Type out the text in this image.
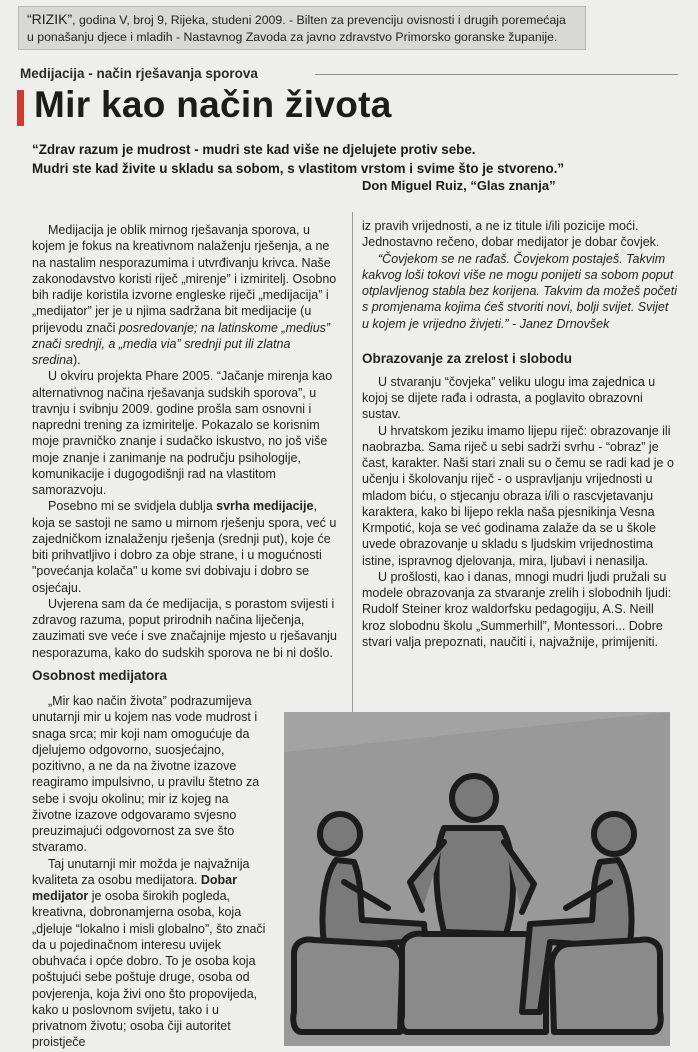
“RIZIK”, godina V, broj 9, Rijeka, studeni 2009. - Bilten za prevenciju ovisnosti i drugih poremećaja
u ponašanju djece i mladih - Nastavnog Zavoda za javno zdravstvo Primorsko goranske županije.
Medijacija - način rješavanja sporova
Mir kao način života
“Zdrav razum je mudrost - mudri ste kad više ne djelujete protiv sebe.
Mudri ste kad živite u skladu sa sobom, s vlastitom vrstom i svime što je stvoreno.”
Don Miguel Ruiz, “Glas znanja”

Medijacija je oblik mirnog rješavanja sporova, u kojem je fokus na kreativnom nalaženju rješenja, a ne na nastalim nesporazumima i utvrđivanju krivca. Naše zakonodavstvo koristi riječ „mirenje” i izmiritelj. Osobno bih radije koristila izvorne engleske riječi „medijacija” i „medijator” jer je u njima sadržana bit medijacije (u prijevodu znači posredovanje; na latinskome „medius” znači srednji, a „media via” srednji put ili zlatna sredina).

U okviru projekta Phare 2005. “Jačanje mirenja kao alternativnog načina rješavanja sudskih sporova”, u travnju i svibnju 2009. godine prošla sam osnovni i napredni trening za izmiritelje. Pokazalo se korisnim moje pravničko znanje i sudačko iskustvo, no još više moje znanje i zanimanje na području psihologije, komunikacije i dugogodišnji rad na vlastitom samorazvoju.

Posebno mi se svidjela dublja svrha medijacije, koja se sastoji ne samo u mirnom rješenju spora, već u zajedničkom iznalaženju rješenja (srednji put), koje će biti prihvatljivo i dobro za obje strane, i u mogućnosti "povećanja kolača" u kome svi dobivaju i dobro se osjećaju.

Uvjerena sam da će medijacija, s porastom svijesti i zdravog razuma, poput prirodnih načina liječenja, zauzimati sve veće i sve značajnije mjesto u rješavanju nesporazuma, kako do sudskih sporova ne bi ni došlo.

Osobnost medijatora

„Mir kao način života” podrazumijeva unutarnji mir u kojem nas vode mudrost i snaga srca; mir koji nam omogućuje da djelujemo odgovorno, suosjećajno, pozitivno, a ne da na životne izazove reagiramo impulsivno, u pravilu štetno za sebe i svoju okolinu; mir iz kojeg na životne izazove odgovaramo svjesno preuzimajući odgovornost za sve što stvaramo.

Taj unutarnji mir možda je najvažnija kvaliteta za osobu medijatora. Dobar medijator je osoba širokih pogleda, kreativna, dobronamjerna osoba, koja „djeluje “lokalno i misli globalno”, što znači da u pojedinačnom interesu uvijek obuhvaća i opće dobro. To je osoba koja poštujući sebe poštuje druge, osoba od povjerenja, koja živi ono što propovijeda, kako u poslovnom svijetu, tako i u privatnom životu; osoba čiji autoritet proistječe

iz pravih vrijednosti, a ne iz titule i/ili pozicije moći. Jednostavno rečeno, dobar medijator je dobar čovjek.

“Čovjekom se ne rađaš. Čovjekom postaješ. Takvim kakvog loši tokovi više ne mogu ponijeti sa sobom poput otplavljenog stabla bez korijena. Takvim da možeš početi s promjenama kojima ćeš stvoriti novi, bolji svijet. Svijet u kojem je vrijedno živjeti.” - Janez Drnovšek

Obrazovanje za zrelost i slobodu

U stvaranju “čovjeka” veliku ulogu ima zajednica u kojoj se dijete rađa i odrasta, a poglavito obrazovni sustav.

U hrvatskom jeziku imamo lijepu riječ: obrazovanje ili naobrazba. Sama riječ u sebi sadrži svrhu - “obraz” je čast, karakter. Naši stari znali su o čemu se radi kad je o učenju i školovanju riječ - o uspravljanju vrijednosti u mladom biću, o stjecanju obraza i/ili o rascvjetavanju karaktera, kako bi lijepo rekla naša pjesnikinja Vesna Krmpotić, koja se već godinama zalaže da se u škole uvede obrazovanje u skladu s ljudskim vrijednostima istine, ispravnog djelovanja, mira, ljubavi i nenasilja.

U prošlosti, kao i danas, mnogi mudri ljudi pružali su modele obrazovanja za stvaranje zrelih i slobodnih ljudi: Rudolf Steiner kroz waldorfsku pedagogiju, A.S. Neill kroz slobodnu školu „Summerhill”, Montessori... Dobre stvari valja prepoznati, naučiti i, najvažnije, primijeniti.
